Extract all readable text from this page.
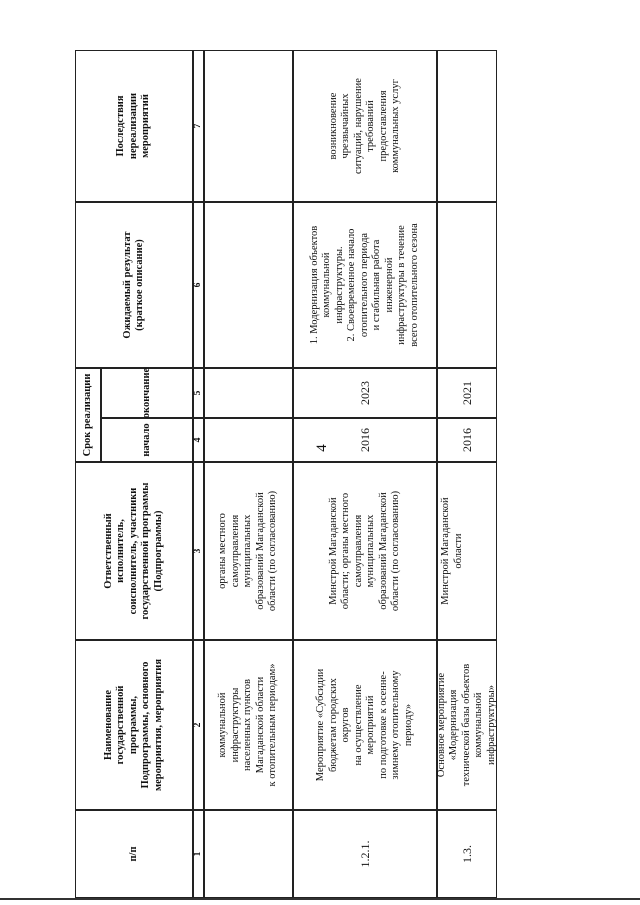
4
п/п
Наименование
государственной
программы,
Подпрограммы, основного
мероприятия, мероприятия
Ответственный
исполнитель,
соисполнитель, участники
государственной программы
(Подпрограммы)
Срок реализации	начало
окончание
Ожидаемый результат
(краткое описание)
Последствия
нереализации
мероприятий
1
2
3
4
5
6
7
коммунальной
инфраструктуры
населенных пунктов
Магаданской области
к отопительным периодам»
органы местного
самоуправления
муниципальных
образований Магаданской
области (по согласованию)
1.2.1.
Мероприятие «Субсидии
бюджетам городских
округов
на осуществление
мероприятий
по подготовке к осенне-
зимнему отопительному
периоду»
Минстрой Магаданской
области; органы местного
самоуправления
муниципальных
образований Магаданской
области (по согласованию)
2016
2023
1. Модернизация объектов
коммунальной
инфраструктуры.
2. Своевременное начало
отопительного периода
и стабильная работа
инженерной
инфраструктуры в течение
всего отопительного сезона
возникновение
чрезвычайных
ситуаций, нарушение
требований
предоставления
коммунальных услуг
1.3.
Основное мероприятие
«Модернизация
технической базы объектов
коммунальной
инфраструктуры»
Минстрой Магаданской
области
2016
2021
